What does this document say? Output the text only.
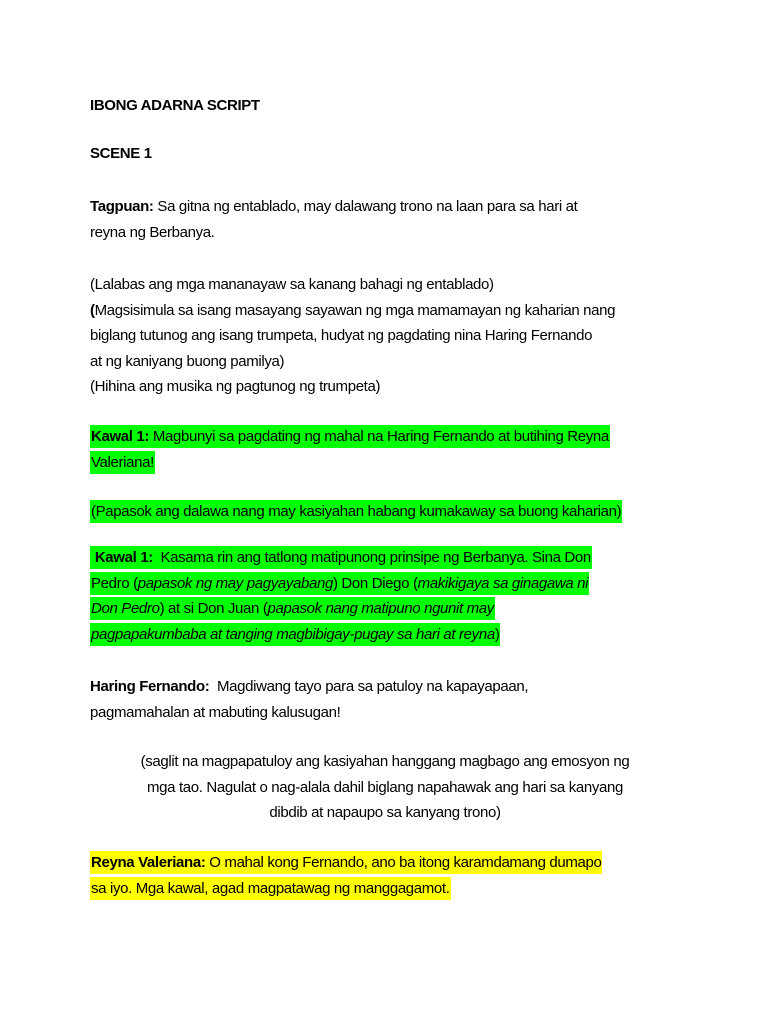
IBONG ADARNA SCRIPT
SCENE 1
Tagpuan: Sa gitna ng entablado, may dalawang trono na laan para sa hari at
reyna ng Berbanya.
(Lalabas ang mga mananayaw sa kanang bahagi ng entablado)
(Magsisimula sa isang masayang sayawan ng mga mamamayan ng kaharian nang
biglang tutunog ang isang trumpeta, hudyat ng pagdating nina Haring Fernando
at ng kaniyang buong pamilya)
(Hihina ang musika ng pagtunog ng trumpeta)
Kawal 1: Magbunyi sa pagdating ng mahal na Haring Fernando at butihing Reyna
Valeriana!
(Papasok ang dalawa nang may kasiyahan habang kumakaway sa buong kaharian)
Kawal 1:  Kasama rin ang tatlong matipunong prinsipe ng Berbanya. Sina Don
Pedro (papasok ng may pagyayabang) Don Diego (makikigaya sa ginagawa ni
Don Pedro) at si Don Juan (papasok nang matipuno ngunit may
pagpapakumbaba at tanging magbibigay-pugay sa hari at reyna)
Haring Fernando:  Magdiwang tayo para sa patuloy na kapayapaan,
pagmamahalan at mabuting kalusugan!
(saglit na magpapatuloy ang kasiyahan hanggang magbago ang emosyon ng
mga tao. Nagulat o nag-alala dahil biglang napahawak ang hari sa kanyang
dibdib at napaupo sa kanyang trono)
Reyna Valeriana: O mahal kong Fernando, ano ba itong karamdamang dumapo
sa iyo. Mga kawal, agad magpatawag ng manggagamot.
